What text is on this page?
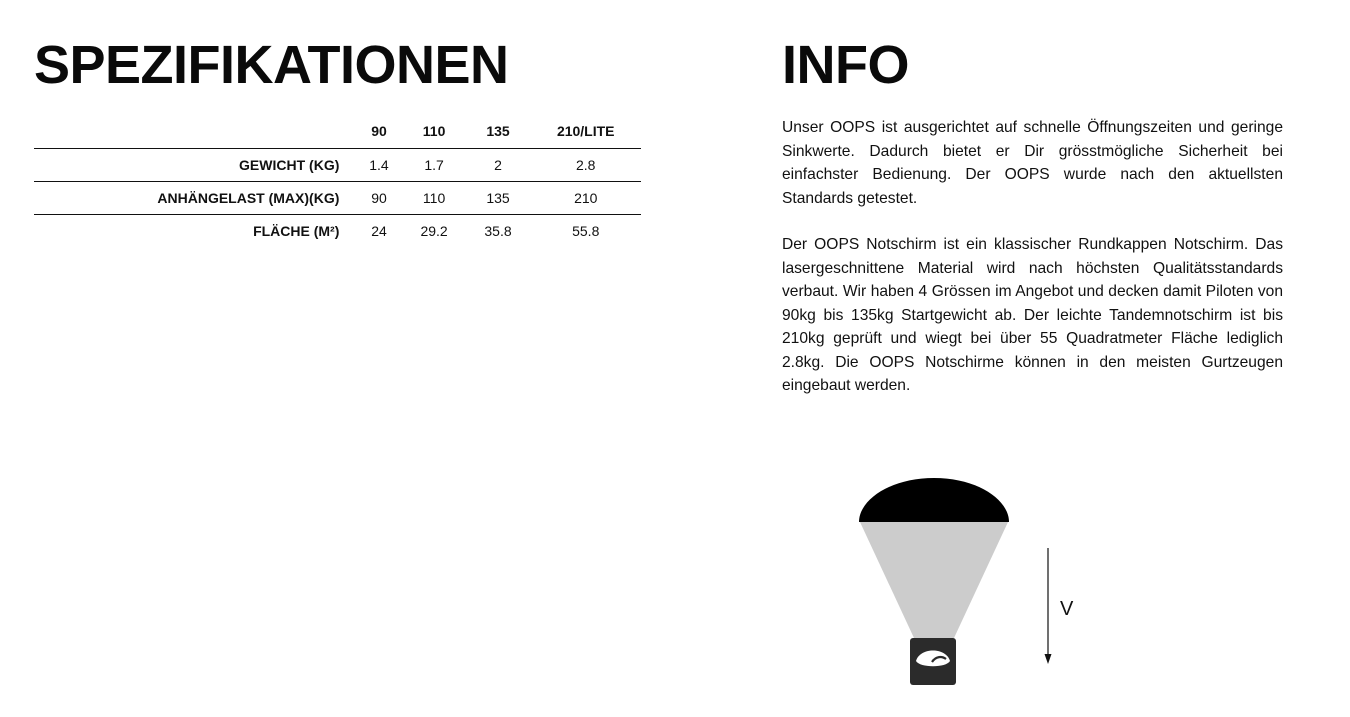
SPEZIFIKATIONEN
	90	110	135	210/LITE
GEWICHT (KG)	1.4	1.7	2	2.8
ANHÄNGELAST (MAX)(KG)	90	110	135	210
FLÄCHE (M²)	24	29.2	35.8	55.8
INFO

Unser OOPS ist ausgerichtet auf schnelle Öffnungszeiten und geringe Sinkwerte. Dadurch bietet er Dir grösstmögliche Sicherheit bei einfachster Bedienung. Der OOPS wurde nach den aktuellsten Standards getestet.

Der OOPS Notschirm ist ein klassischer Rundkappen Notschirm. Das lasergeschnittene Material wird nach höchsten Qualitätsstandards verbaut. Wir haben 4 Grössen im Angebot und decken damit Piloten von 90kg bis 135kg Startgewicht ab. Der leichte Tandemnotschirm ist bis 210kg geprüft und wiegt bei über 55 Quadratmeter Fläche lediglich 2.8kg. Die OOPS Notschirme können in den meisten Gurtzeugen eingebaut werden.

V
